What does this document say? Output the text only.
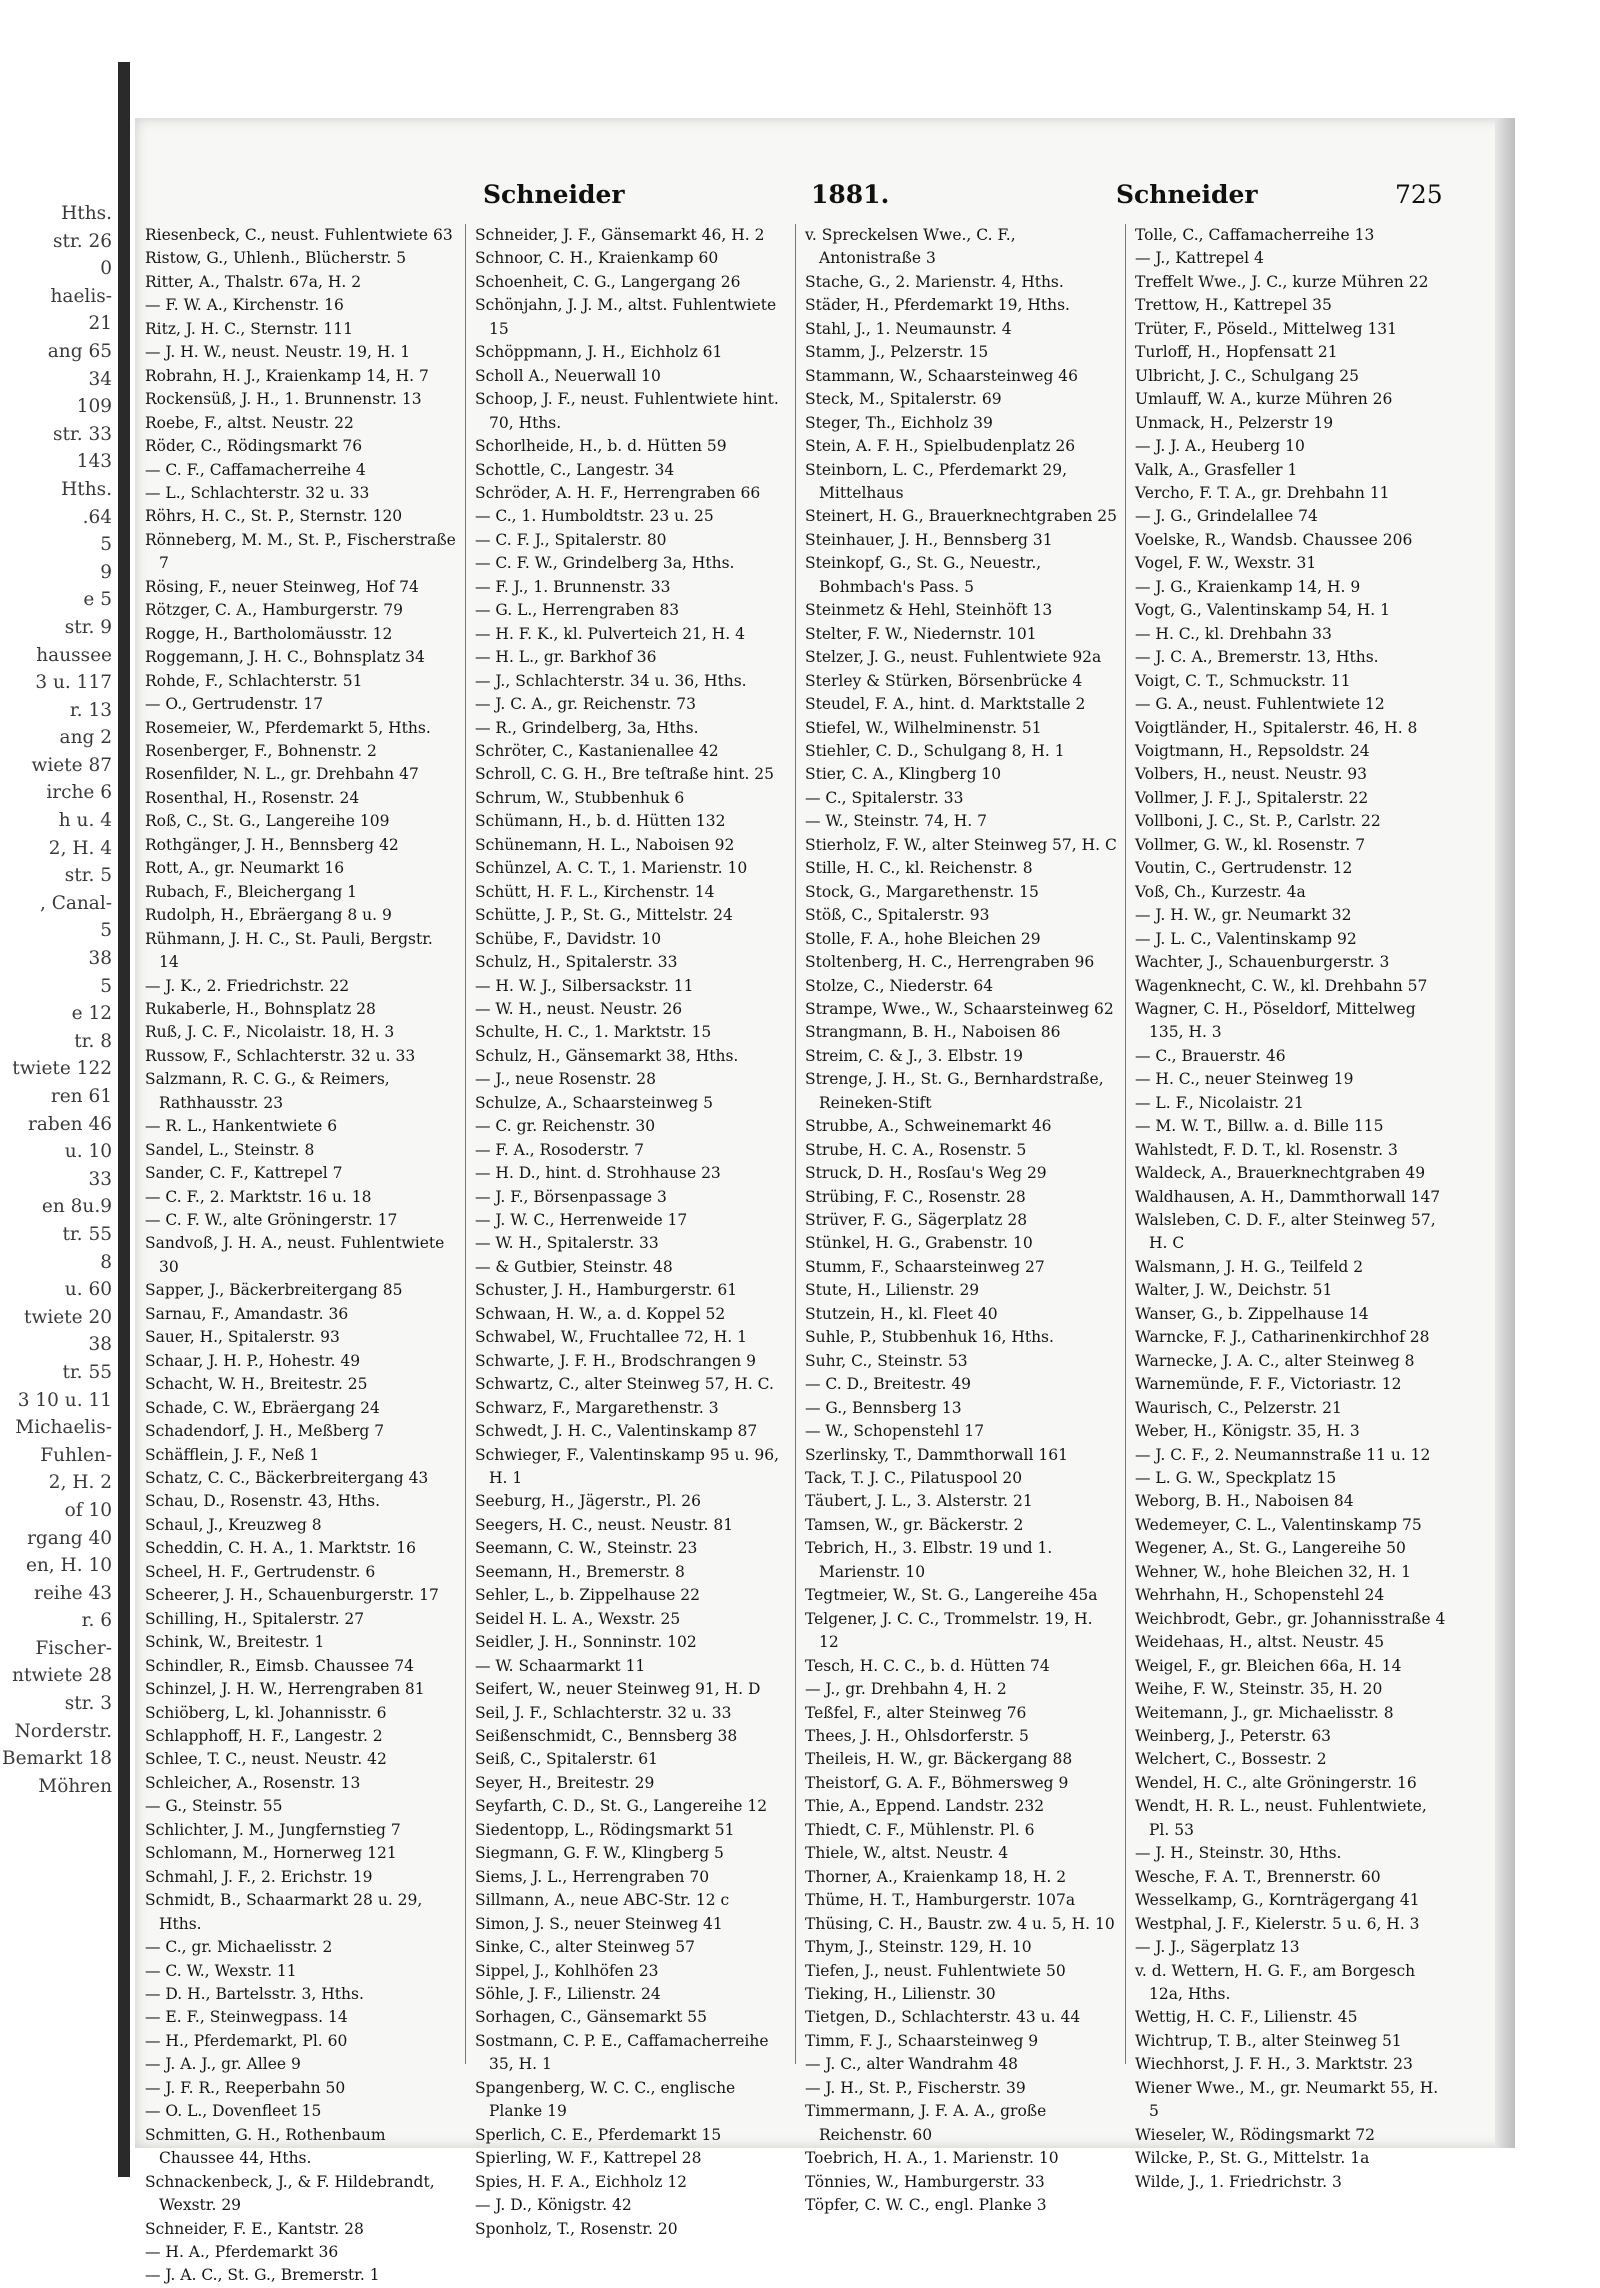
Hths.
str. 26
0
haelis-
21
ang 65
34
109
str. 33
143
Hths.
.64
5
9
e 5
str. 9
haussee
3 u. 117
r. 13
ang 2
wiete 87
irche 6
h u. 4
2, H. 4
str. 5
, Canal-
5
38
5
e 12
tr. 8
twiete 122
ren 61
raben 46
u. 10
33
en 8u.9
tr. 55
8
u. 60
twiete 20
38
tr. 55
3 10 u. 11
Michaelis-
Fuhlen-
2, H. 2
of 10
rgang 40
en, H. 10
reihe 43
r. 6
Fischer-
ntwiete 28
str. 3
Norderstr.
Bemarkt 18
Möhren
Schneider	1881.	Schneider	725
Riesenbeck, C., neust. Fuhlentwiete 63
Ristow, G., Uhlenh., Blücherstr. 5
Ritter, A., Thalstr. 67a, H. 2
— F. W. A., Kirchenstr. 16
Ritz, J. H. C., Sternstr. 111
— J. H. W., neust. Neustr. 19, H. 1
Robrahn, H. J., Kraienkamp 14, H. 7
Rockensüß, J. H., 1. Brunnenstr. 13
Roebe, F., altst. Neustr. 22
Röder, C., Rödingsmarkt 76
— C. F., Caffamacherreihe 4
— L., Schlachterstr. 32 u. 33
Röhrs, H. C., St. P., Sternstr. 120
Rönneberg, M. M., St. P., Fischerstraße 7
Rösing, F., neuer Steinweg, Hof 74
Rötzger, C. A., Hamburgerstr. 79
Rogge, H., Bartholomäusstr. 12
Roggemann, J. H. C., Bohnsplatz 34
Rohde, F., Schlachterstr. 51
— O., Gertrudenstr. 17
Rosemeier, W., Pferdemarkt 5, Hths.
Rosenberger, F., Bohnenstr. 2
Rosenfilder, N. L., gr. Drehbahn 47
Rosenthal, H., Rosenstr. 24
Roß, C., St. G., Langereihe 109
Rothgänger, J. H., Bennsberg 42
Rott, A., gr. Neumarkt 16
Rubach, F., Bleichergang 1
Rudolph, H., Ebräergang 8 u. 9
Rühmann, J. H. C., St. Pauli, Bergstr. 14
— J. K., 2. Friedrichstr. 22
Rukaberle, H., Bohnsplatz 28
Ruß, J. C. F., Nicolaistr. 18, H. 3
Russow, F., Schlachterstr. 32 u. 33
Salzmann, R. C. G., & Reimers, Rathhausstr. 23
— R. L., Hankentwiete 6
Sandel, L., Steinstr. 8
Sander, C. F., Kattrepel 7
— C. F., 2. Marktstr. 16 u. 18
— C. F. W., alte Gröningerstr. 17
Sandvoß, J. H. A., neust. Fuhlentwiete 30
Sapper, J., Bäckerbreitergang 85
Sarnau, F., Amandastr. 36
Sauer, H., Spitalerstr. 93
Schaar, J. H. P., Hohestr. 49
Schacht, W. H., Breitestr. 25
Schade, C. W., Ebräergang 24
Schadendorf, J. H., Meßberg 7
Schäfflein, J. F., Neß 1
Schatz, C. C., Bäckerbreitergang 43
Schau, D., Rosenstr. 43, Hths.
Schaul, J., Kreuzweg 8
Scheddin, C. H. A., 1. Marktstr. 16
Scheel, H. F., Gertrudenstr. 6
Scheerer, J. H., Schauenburgerstr. 17
Schilling, H., Spitalerstr. 27
Schink, W., Breitestr. 1
Schindler, R., Eimsb. Chaussee 74
Schinzel, J. H. W., Herrengraben 81
Schiöberg, L, kl. Johannisstr. 6
Schlapphoff, H. F., Langestr. 2
Schlee, T. C., neust. Neustr. 42
Schleicher, A., Rosenstr. 13
— G., Steinstr. 55
Schlichter, J. M., Jungfernstieg 7
Schlomann, M., Hornerweg 121
Schmahl, J. F., 2. Erichstr. 19
Schmidt, B., Schaarmarkt 28 u. 29, Hths.
— C., gr. Michaelisstr. 2
— C. W., Wexstr. 11
— D. H., Bartelsstr. 3, Hths.
— E. F., Steinwegpass. 14
— H., Pferdemarkt, Pl. 60
— J. A. J., gr. Allee 9
— J. F. R., Reeperbahn 50
— O. L., Dovenfleet 15
Schmitten, G. H., Rothenbaum Chaussee 44, Hths.
Schnackenbeck, J., & F. Hildebrandt, Wexstr. 29
Schneider, F. E., Kantstr. 28
— H. A., Pferdemarkt 36
— J. A. C., St. G., Bremerstr. 1
Schneider, J. F., Gänsemarkt 46, H. 2
Schnoor, C. H., Kraienkamp 60
Schoenheit, C. G., Langergang 26
Schönjahn, J. J. M., altst. Fuhlentwiete 15
Schöppmann, J. H., Eichholz 61
Scholl A., Neuerwall 10
Schoop, J. F., neust. Fuhlentwiete hint. 70, Hths.
Schorlheide, H., b. d. Hütten 59
Schottle, C., Langestr. 34
Schröder, A. H. F., Herrengraben 66
— C., 1. Humboldtstr. 23 u. 25
— C. F. J., Spitalerstr. 80
— C. F. W., Grindelberg 3a, Hths.
— F. J., 1. Brunnenstr. 33
— G. L., Herrengraben 83
— H. F. K., kl. Pulverteich 21, H. 4
— H. L., gr. Barkhof 36
— J., Schlachterstr. 34 u. 36, Hths.
— J. C. A., gr. Reichenstr. 73
— R., Grindelberg, 3a, Hths.
Schröter, C., Kastanienallee 42
Schroll, C. G. H., Bre teſtraße hint. 25
Schrum, W., Stubbenhuk 6
Schümann, H., b. d. Hütten 132
Schünemann, H. L., Naboisen 92
Schünzel, A. C. T., 1. Marienstr. 10
Schütt, H. F. L., Kirchenstr. 14
Schütte, J. P., St. G., Mittelstr. 24
Schübe, F., Davidstr. 10
Schulz, H., Spitalerstr. 33
— H. W. J., Silbersackstr. 11
— W. H., neust. Neustr. 26
Schulte, H. C., 1. Marktstr. 15
Schulz, H., Gänsemarkt 38, Hths.
— J., neue Rosenstr. 28
Schulze, A., Schaarsteinweg 5
— C. gr. Reichenstr. 30
— F. A., Rosoderstr. 7
— H. D., hint. d. Strohhause 23
— J. F., Börsenpassage 3
— J. W. C., Herrenweide 17
— W. H., Spitalerstr. 33
— & Gutbier, Steinstr. 48
Schuster, J. H., Hamburgerstr. 61
Schwaan, H. W., a. d. Koppel 52
Schwabel, W., Fruchtallee 72, H. 1
Schwarte, J. F. H., Brodschrangen 9
Schwartz, C., alter Steinweg 57, H. C.
Schwarz, F., Margarethenstr. 3
Schwedt, J. H. C., Valentinskamp 87
Schwieger, F., Valentinskamp 95 u. 96, H. 1
Seeburg, H., Jägerstr., Pl. 26
Seegers, H. C., neust. Neustr. 81
Seemann, C. W., Steinstr. 23
Seemann, H., Bremerstr. 8
Sehler, L., b. Zippelhause 22
Seidel H. L. A., Wexstr. 25
Seidler, J. H., Sonninstr. 102
— W. Schaarmarkt 11
Seifert, W., neuer Steinweg 91, H. D
Seil, J. F., Schlachterstr. 32 u. 33
Seißenschmidt, C., Bennsberg 38
Seiß, C., Spitalerstr. 61
Seyer, H., Breitestr. 29
Seyfarth, C. D., St. G., Langereihe 12
Siedentopp, L., Rödingsmarkt 51
Siegmann, G. F. W., Klingberg 5
Siems, J. L., Herrengraben 70
Sillmann, A., neue ABC-Str. 12 c
Simon, J. S., neuer Steinweg 41
Sinke, C., alter Steinweg 57
Sippel, J., Kohlhöfen 23
Söhle, J. F., Lilienstr. 24
Sorhagen, C., Gänsemarkt 55
Sostmann, C. P. E., Caffamacherreihe 35, H. 1
Spangenberg, W. C. C., englische Planke 19
Sperlich, C. E., Pferdemarkt 15
Spierling, W. F., Kattrepel 28
Spies, H. F. A., Eichholz 12
— J. D., Königstr. 42
Sponholz, T., Rosenstr. 20
v. Spreckelsen Wwe., C. F., Antonistraße 3
Stache, G., 2. Marienstr. 4, Hths.
Städer, H., Pferdemarkt 19, Hths.
Stahl, J., 1. Neumaunstr. 4
Stamm, J., Pelzerstr. 15
Stammann, W., Schaarsteinweg 46
Steck, M., Spitalerstr. 69
Steger, Th., Eichholz 39
Stein, A. F. H., Spielbudenplatz 26
Steinborn, L. C., Pferdemarkt 29, Mittelhaus
Steinert, H. G., Brauerknechtgraben 25
Steinhauer, J. H., Bennsberg 31
Steinkopf, G., St. G., Neuestr., Bohmbach's Pass. 5
Steinmetz & Hehl, Steinhöft 13
Stelter, F. W., Niedernstr. 101
Stelzer, J. G., neust. Fuhlentwiete 92a
Sterley & Stürken, Börsenbrücke 4
Steudel, F. A., hint. d. Marktstalle 2
Stiefel, W., Wilhelminenstr. 51
Stiehler, C. D., Schulgang 8, H. 1
Stier, C. A., Klingberg 10
— C., Spitalerstr. 33
— W., Steinstr. 74, H. 7
Stierholz, F. W., alter Steinweg 57, H. C
Stille, H. C., kl. Reichenstr. 8
Stock, G., Margarethenstr. 15
Stöß, C., Spitalerstr. 93
Stolle, F. A., hohe Bleichen 29
Stoltenberg, H. C., Herrengraben 96
Stolze, C., Niederstr. 64
Strampe, Wwe., W., Schaarsteinweg 62
Strangmann, B. H., Naboisen 86
Streim, C. & J., 3. Elbstr. 19
Strenge, J. H., St. G., Bernhardstraße, Reineken-Stift
Strubbe, A., Schweinemarkt 46
Strube, H. C. A., Rosenstr. 5
Struck, D. H., Rosſau's Weg 29
Strübing, F. C., Rosenstr. 28
Strüver, F. G., Sägerplatz 28
Stünkel, H. G., Grabenstr. 10
Stumm, F., Schaarsteinweg 27
Stute, H., Lilienstr. 29
Stutzein, H., kl. Fleet 40
Suhle, P., Stubbenhuk 16, Hths.
Suhr, C., Steinstr. 53
— C. D., Breitestr. 49
— G., Bennsberg 13
— W., Schopenstehl 17
Szerlinsky, T., Dammthorwall 161
Tack, T. J. C., Pilatuspool 20
Täubert, J. L., 3. Alsterstr. 21
Tamsen, W., gr. Bäckerstr. 2
Tebrich, H., 3. Elbstr. 19 und 1. Marienstr. 10
Tegtmeier, W., St. G., Langereihe 45a
Telgener, J. C. C., Trommelstr. 19, H. 12
Tesch, H. C. C., b. d. Hütten 74
— J., gr. Drehbahn 4, H. 2
Teßfel, F., alter Steinweg 76
Thees, J. H., Ohlsdorferstr. 5
Theileis, H. W., gr. Bäckergang 88
Theistorf, G. A. F., Böhmersweg 9
Thie, A., Eppend. Landstr. 232
Thiedt, C. F., Mühlenstr. Pl. 6
Thiele, W., altst. Neustr. 4
Thorner, A., Kraienkamp 18, H. 2
Thüme, H. T., Hamburgerstr. 107a
Thüsing, C. H., Baustr. zw. 4 u. 5, H. 10
Thym, J., Steinstr. 129, H. 10
Tiefen, J., neust. Fuhlentwiete 50
Tieking, H., Lilienstr. 30
Tietgen, D., Schlachterstr. 43 u. 44
Timm, F. J., Schaarsteinweg 9
— J. C., alter Wandrahm 48
— J. H., St. P., Fischerstr. 39
Timmermann, J. F. A. A., große Reichenstr. 60
Toebrich, H. A., 1. Marienstr. 10
Tönnies, W., Hamburgerstr. 33
Töpfer, C. W. C., engl. Planke 3
Tolle, C., Caffamacherreihe 13
— J., Kattrepel 4
Treffelt Wwe., J. C., kurze Mühren 22
Trettow, H., Kattrepel 35
Trüter, F., Pöseld., Mittelweg 131
Turloff, H., Hopfensatt 21
Ulbricht, J. C., Schulgang 25
Umlauff, W. A., kurze Mühren 26
Unmack, H., Pelzerstr 19
— J. J. A., Heuberg 10
Valk, A., Grasfeller 1
Vercho, F. T. A., gr. Drehbahn 11
— J. G., Grindelallee 74
Voelske, R., Wandsb. Chaussee 206
Vogel, F. W., Wexstr. 31
— J. G., Kraienkamp 14, H. 9
Vogt, G., Valentinskamp 54, H. 1
— H. C., kl. Drehbahn 33
— J. C. A., Bremerstr. 13, Hths.
Voigt, C. T., Schmuckstr. 11
— G. A., neust. Fuhlentwiete 12
Voigtländer, H., Spitalerstr. 46, H. 8
Voigtmann, H., Repsoldstr. 24
Volbers, H., neust. Neustr. 93
Vollmer, J. F. J., Spitalerstr. 22
Vollboni, J. C., St. P., Carlstr. 22
Vollmer, G. W., kl. Rosenstr. 7
Voutin, C., Gertrudenstr. 12
Voß, Ch., Kurzestr. 4a
— J. H. W., gr. Neumarkt 32
— J. L. C., Valentinskamp 92
Wachter, J., Schauenburgerstr. 3
Wagenknecht, C. W., kl. Drehbahn 57
Wagner, C. H., Pöseldorf, Mittelweg 135, H. 3
— C., Brauerstr. 46
— H. C., neuer Steinweg 19
— L. F., Nicolaistr. 21
— M. W. T., Billw. a. d. Bille 115
Wahlstedt, F. D. T., kl. Rosenstr. 3
Waldeck, A., Brauerknechtgraben 49
Waldhausen, A. H., Dammthorwall 147
Walsleben, C. D. F., alter Steinweg 57, H. C
Walsmann, J. H. G., Teilfeld 2
Walter, J. W., Deichstr. 51
Wanser, G., b. Zippelhause 14
Warncke, F. J., Catharinenkirchhof 28
Warnecke, J. A. C., alter Steinweg 8
Warnemünde, F. F., Victoriastr. 12
Waurisch, C., Pelzerstr. 21
Weber, H., Königstr. 35, H. 3
— J. C. F., 2. Neumannstraße 11 u. 12
— L. G. W., Speckplatz 15
Weborg, B. H., Naboisen 84
Wedemeyer, C. L., Valentinskamp 75
Wegener, A., St. G., Langereihe 50
Wehner, W., hohe Bleichen 32, H. 1
Wehrhahn, H., Schopenstehl 24
Weichbrodt, Gebr., gr. Johannisstraße 4
Weidehaas, H., altst. Neustr. 45
Weigel, F., gr. Bleichen 66a, H. 14
Weihe, F. W., Steinstr. 35, H. 20
Weitemann, J., gr. Michaelisstr. 8
Weinberg, J., Peterstr. 63
Welchert, C., Bossestr. 2
Wendel, H. C., alte Gröningerstr. 16
Wendt, H. R. L., neust. Fuhlentwiete, Pl. 53
— J. H., Steinstr. 30, Hths.
Wesche, F. A. T., Brennerstr. 60
Wesselkamp, G., Kornträgergang 41
Westphal, J. F., Kielerstr. 5 u. 6, H. 3
— J. J., Sägerplatz 13
v. d. Wettern, H. G. F., am Borgesch 12a, Hths.
Wettig, H. C. F., Lilienstr. 45
Wichtrup, T. B., alter Steinweg 51
Wiechhorst, J. F. H., 3. Marktstr. 23
Wiener Wwe., M., gr. Neumarkt 55, H. 5
Wieseler, W., Rödingsmarkt 72
Wilcke, P., St. G., Mittelstr. 1a
Wilde, J., 1. Friedrichstr. 3
